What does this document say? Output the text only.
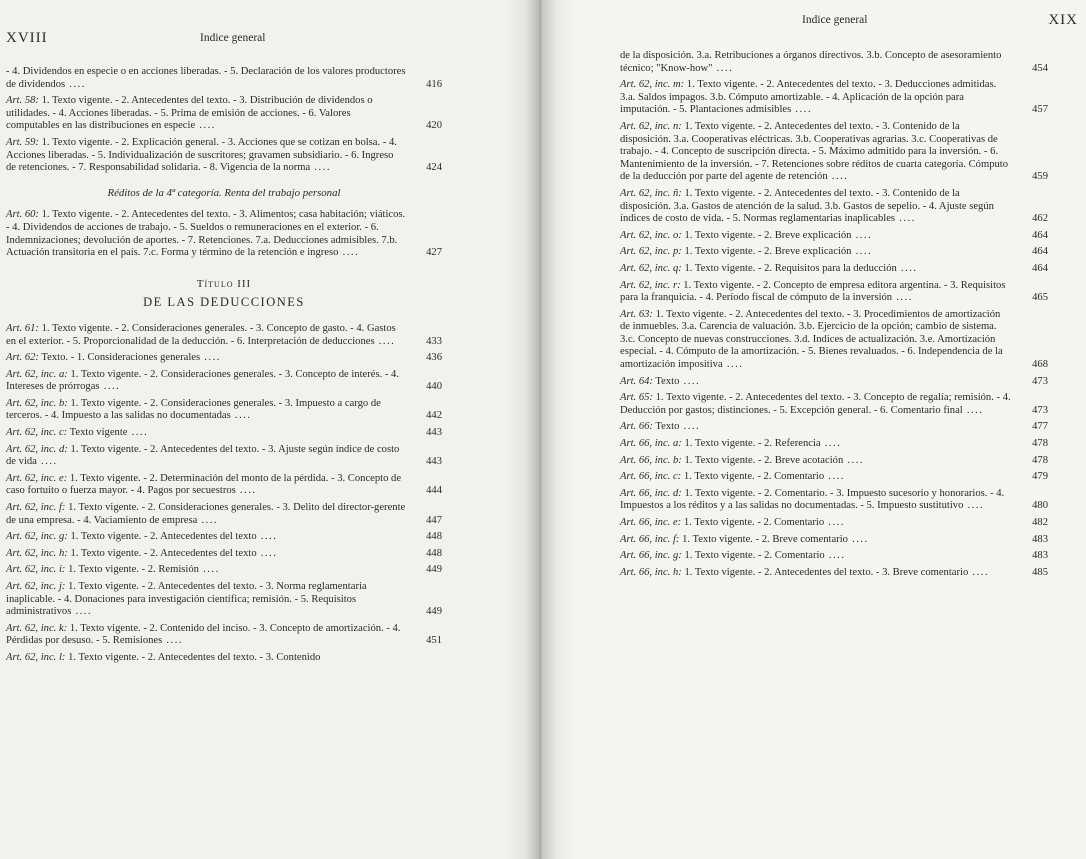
XVIII	Indice general
- 4. Dividendos en especie o en acciones liberadas. - 5. Declaración de los valores productores de dividendos ....	416
Art. 58: 1. Texto vigente. - 2. Antecedentes del texto. - 3. Distribución de dividendos o utilidades. - 4. Acciones liberadas. - 5. Prima de emisión de acciones. - 6. Valores computables en las distribuciones en especie ....	420
Art. 59: 1. Texto vigente. - 2. Explicación general. - 3. Acciones que se cotizan en bolsa. - 4. Acciones liberadas. - 5. Individualización de suscritores; gravamen subsidiario. - 6. Ingreso de retenciones. - 7. Responsabilidad solidaria. - 8. Vigencia de la norma ....	424
Réditos de la 4ª categoría. Renta del trabajo personal
Art. 60: 1. Texto vigente. - 2. Antecedentes del texto. - 3. Alimentos; casa habitación; viáticos. - 4. Dividendos de acciones de trabajo. - 5. Sueldos o remuneraciones en el exterior. - 6. Indemnizaciones; devolución de aportes. - 7. Retenciones. 7.a. Deducciones admisibles. 7.b. Actuación transitoria en el país. 7.c. Forma y término de la retención e ingreso ....	427
Título III
DE LAS DEDUCCIONES
Art. 61: 1. Texto vigente. - 2. Consideraciones generales. - 3. Concepto de gasto. - 4. Gastos en el exterior. - 5. Proporcionalidad de la deducción. - 6. Interpretación de deducciones ....	433
Art. 62: Texto. - 1. Consideraciones generales ....	436
Art. 62, inc. a: 1. Texto vigente. - 2. Consideraciones generales. - 3. Concepto de interés. - 4. Intereses de prórrogas ....	440
Art. 62, inc. b: 1. Texto vigente. - 2. Consideraciones generales. - 3. Impuesto a cargo de terceros. - 4. Impuesto a las salidas no documentadas ....	442
Art. 62, inc. c: Texto vigente ....	443
Art. 62, inc. d: 1. Texto vigente. - 2. Antecedentes del texto. - 3. Ajuste según índice de costo de vida ....	443
Art. 62, inc. e: 1. Texto vigente. - 2. Determinación del monto de la pérdida. - 3. Concepto de caso fortuito o fuerza mayor. - 4. Pagos por secuestros ....	444
Art. 62, inc. f: 1. Texto vigente. - 2. Consideraciones generales. - 3. Delito del director-gerente de una empresa. - 4. Vaciamiento de empresa ....	447
Art. 62, inc. g: 1. Texto vigente. - 2. Antecedentes del texto ....	448
Art. 62, inc. h: 1. Texto vigente. - 2. Antecedentes del texto ....	448
Art. 62, inc. i: 1. Texto vigente. - 2. Remisión ....	449
Art. 62, inc. j: 1. Texto vigente. - 2. Antecedentes del texto. - 3. Norma reglamentaria inaplicable. - 4. Donaciones para investigación científica; remisión. - 5. Requisitos administrativos ....	449
Art. 62, inc. k: 1. Texto vigente. - 2. Contenido del inciso. - 3. Concepto de amortización. - 4. Pérdidas por desuso. - 5. Remisiones ....	451
Art. 62, inc. l: 1. Texto vigente. - 2. Antecedentes del texto. - 3. Contenido
Indice general	XIX
de la disposición. 3.a. Retribuciones a órganos directivos. 3.b. Concepto de asesoramiento técnico; "Know-how" ....	454
Art. 62, inc. m: 1. Texto vigente. - 2. Antecedentes del texto. - 3. Deducciones admitidas. 3.a. Saldos impagos. 3.b. Cómputo amortizable. - 4. Aplicación de la opción para imputación. - 5. Plantaciones admisibles ....	457
Art. 62, inc. n: 1. Texto vigente. - 2. Antecedentes del texto. - 3. Contenido de la disposición. 3.a. Cooperativas eléctricas. 3.b. Cooperativas agrarias. 3.c. Cooperativas de trabajo. - 4. Concepto de suscripción directa. - 5. Máximo admitido para la inversión. - 6. Mantenimiento de la inversión. - 7. Retenciones sobre réditos de cuarta categoría. Cómputo de la deducción por parte del agente de retención ....	459
Art. 62, inc. ñ: 1. Texto vigente. - 2. Antecedentes del texto. - 3. Contenido de la disposición. 3.a. Gastos de atención de la salud. 3.b. Gastos de sepelio. - 4. Ajuste según índices de costo de vida. - 5. Normas reglamentarias inaplicables ....	462
Art. 62, inc. o: 1. Texto vigente. - 2. Breve explicación ....	464
Art. 62, inc. p: 1. Texto vigente. - 2. Breve explicación ....	464
Art. 62, inc. q: 1. Texto vigente. - 2. Requisitos para la deducción ....	464
Art. 62, inc. r: 1. Texto vigente. - 2. Concepto de empresa editora argentina. - 3. Requisitos para la franquicia. - 4. Período fiscal de cómputo de la inversión ....	465
Art. 63: 1. Texto vigente. - 2. Antecedentes del texto. - 3. Procedimientos de amortización de inmuebles. 3.a. Carencia de valuación. 3.b. Ejercicio de la opción; cambio de sistema. 3.c. Concepto de nuevas construcciones. 3.d. Indices de actualización. 3.e. Amortización especial. - 4. Cómputo de la amortización. - 5. Bienes revaluados. - 6. Independencia de la amortización impositiva ....	468
Art. 64: Texto ....	473
Art. 65: 1. Texto vigente. - 2. Antecedentes del texto. - 3. Concepto de regalía; remisión. - 4. Deducción por gastos; distinciones. - 5. Excepción general. - 6. Comentario final ....	473
Art. 66: Texto ....	477
Art. 66, inc. a: 1. Texto vigente. - 2. Referencia ....	478
Art. 66, inc. b: 1. Texto vigente. - 2. Breve acotación ....	478
Art. 66, inc. c: 1. Texto vigente. - 2. Comentario ....	479
Art. 66, inc. d: 1. Texto vigente. - 2. Comentario. - 3. Impuesto sucesorio y honorarios. - 4. Impuestos a los réditos y a las salidas no documentadas. - 5. Impuesto sustitutivo ....	480
Art. 66, inc. e: 1. Texto vigente. - 2. Comentario ....	482
Art. 66, inc. f: 1. Texto vigente. - 2. Breve comentario ....	483
Art. 66, inc. g: 1. Texto vigente. - 2. Comentario ....	483
Art. 66, inc. h: 1. Texto vigente. - 2. Antecedentes del texto. - 3. Breve comentario ....	485
